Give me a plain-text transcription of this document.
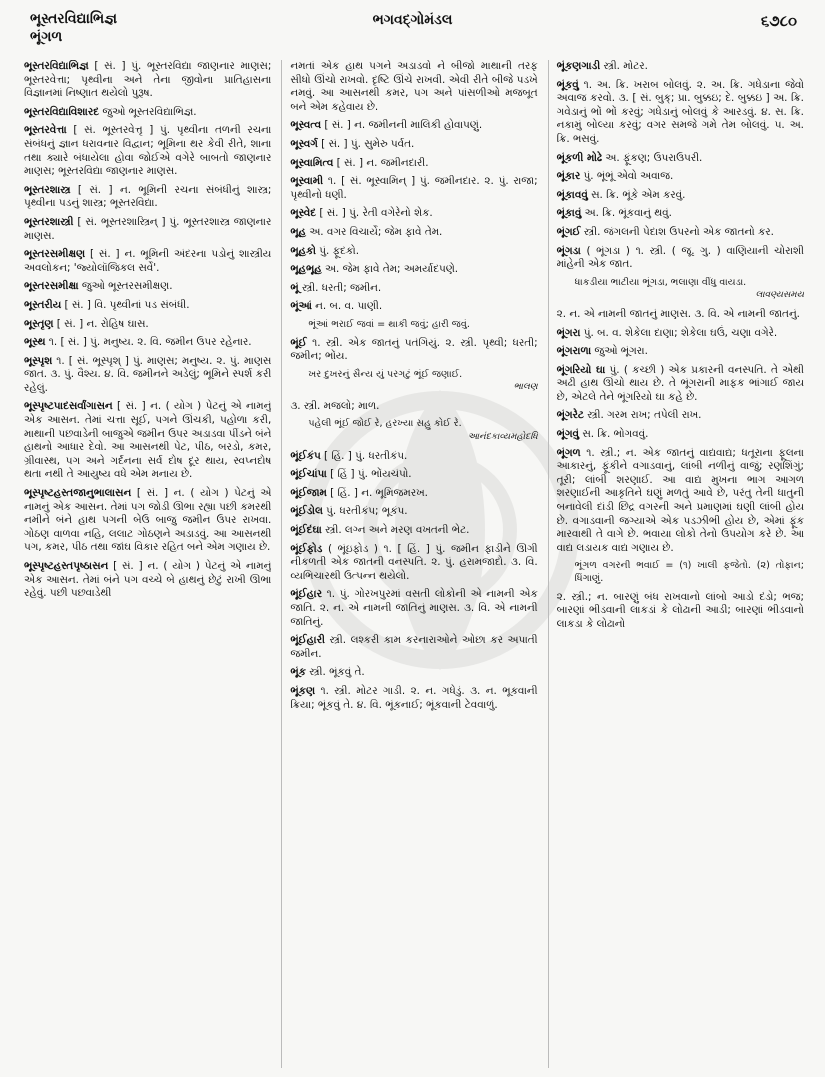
ભૂસ્તરવિદ્યાભિજ્ઞ
ભૂંગળ
ભગવદ્ગોમંડલ	૬૭૮૦

ભૂસ્તરવિદ્યાભિજ્ઞ [ સં. ] પું. ભૂસ્તરવિદ્યા જાણનાર માણસ; ભૂસ્તરવેત્તા; પૃથ્વીના અને તેના જીવોના પ્રાતિહાસના વિજ્ઞાનમાં નિષ્ણાત થયેલો પુરૂષ.

ભૂસ્તરવિદ્યાવિશારદ જુઓ ભૂસ્તરવિદ્યાભિજ્ઞ.

ભૂસ્તરવેત્તા [ સં. ભૂસ્તરવેત્તૃ ] પું. પૃથ્વીના તળની રચના સંબંધનું જ્ઞાન ધરાવનાર વિદ્વાન; ભૂમિના થર કેવી રીતે, શાના તથા ક્યારે બંધાયેલા હોવા જોઈએ વગેરે બાબતો જાણનાર માણસ; ભૂસ્તરવિદ્યા જાણનાર માણસ.

ભૂસ્તરશાસ્ત્ર [ સં. ] ન. ભૂમિની રચના સંબંધીનું શાસ્ત્ર; પૃથ્વીના પડનું શાસ્ત્ર; ભૂસ્તરવિદ્યા.

ભૂસ્તરશાસ્ત્રી [ સં. ભૂસ્તરશાસ્ત્રિન્ ] પું. ભૂસ્તરશાસ્ત્ર જાણનાર માણસ.

ભૂસ્તરસમીક્ષણ [ સં. ] ન. ભૂમિની અંદરના પડોનું શાસ્ત્રીય અવલોકન; 'જ્યોલૉજિકલ સર્વે'.

ભૂસ્તરસમીક્ષા જુઓ ભૂસ્તરસમીક્ષણ.

ભૂસ્તરીય [ સં. ] વિ. પૃથ્વીનાં પડ સંબંધી.

ભૂસ્તૃણ [ સં. ] ન. રોહિષ ઘાસ.

ભૂસ્થ ૧. [ સં. ] પું. મનુષ્ય. ૨. વિ. જમીન ઉપર રહેનાર.

ભૂસ્પૃશ ૧. [ સં. ભૂસ્પૃશ્ ] પું. માણસ; મનુષ્ય. ૨. પું. માણસ જાત. ૩. પું. વૈશ્ય. ૪. વિ. જમીનને અડેલું; ભૂમિને સ્પર્શ કરી રહેલું.

ભૂસ્પૃષ્ટપાદસર્વાંગાસન [ સં. ] ન. ( યોગ ) પેટનું એ નામનું એક આસન. તેમાં ચત્તા સૂઈ, પગને ઊંચકી, પહોળા કરી, માથાની પછવાડેની બાજુએ જમીન ઉપર અડાડવા પીંડને બંને હાથનો આધાર દેવો. આ આસનથી પેટ, પીઠ, બરડો, કમર, ગ્રીવાસ્થ, પગ અને ગર્દનના સર્વ દોષ દૂર થાય, સ્વપ્નદોષ થતા નથી તે આયુષ્ય વધે એમ મનાય છે.

ભૂસ્પૃષ્ટહસ્તજાનુભાલાસન [ સં. ] ન. ( યોગ ) પેટનું એ નામનું એક આસન. તેમાં પગ જોડી ઊભા રહ્યા પછી કમરથી નમીને બંને હાથ પગની બેઉ બાજુ જમીન ઉપર રાખવા. ગોઠણ વાળવા નહિ, લલાટ ગોઠણને અડાડવું. આ આસનથી પગ, કમર, પીઠ તથા જાંઘ વિકાર રહિત બને એમ ગણાય છે.

ભૂસ્પૃષ્ટહસ્તપૃષ્ઠાસન [ સં. ] ન. ( યોગ ) પેટનું એ નામનું એક આસન. તેમાં બંને પગ વચ્ચે બે હાથનું છેટું રાખી ઊભા રહેવું. પછી પછવાડેથી

નમતાં એક હાથ પગને અડાડવો ને બીજો માથાની તરફ સીધો ઊંચો રાખવો. દૃષ્ટિ ઊંચે રાખવી. એવી રીતે બીજે પડખે નમવું. આ આસનથી કમર, પગ અને પાંસળીઓ મજબૂત બને એમ કહેવાય છે.

ભૂસ્વત્વ [ સં. ] ન. જમીનની માલિકી હોવાપણું.

ભૂસ્વર્ગ [ સં. ] પું. સુમેરુ પર્વત.

ભૂસ્વામિત્વ [ સં. ] ન. જમીનદારી.

ભૂસ્વામી ૧. [ સં. ભૂસ્વામિન્ ] પું. જમીનદાર. ૨. પું. રાજા; પૃથ્વીનો ધણી.

ભૂસ્વેદ [ સં. ] પું. રેતી વગેરેનો શેક.

ભૂહ અ. વગર વિચાર્યે; જેમ ફાવે તેમ.

ભૂહકો પું. ફૂદકો.

ભૂહભૂહ અ. જેમ ફાવે તેમ; અમર્યાદપણે.

ભૂં સ્ત્રી. ધરતી; જમીન.

ભૂંઆં ન. બ. વ. પાણી.

ભૂંઆં ભરાઈ જવાં = થાકી જવું; હારી જવું.

ભૂંઈ ૧. સ્ત્રી. એક જાતનું પતંગિયું. ૨. સ્ત્રી. પૃથ્વી; ધરતી; જમીન; ભોંય.

ખર દુખરનું સૈન્ય યું પરગટું ભૂંઈ જણાઈ.
ભાલણ

૩. સ્ત્રી. મજલો; માળ.

પહેલી ભૂંઈ જોઈ રે, હરખ્યા સહુ કોઈ રે.
આનંદકાવ્યમહોદધિ

ભૂંઈકંપ [ હિં. ] પું. ધરતીકંપ.

ભૂંઈચાંપા [ હિં ] પું. ભોંયચંપો.

ભૂંઈજામ [ હિં. ] ન. ભૂમિજમરખ.

ભૂંઈડોલ પું. ધરતીકંપ; ભૂકંપ.

ભૂંઈદંઘા સ્ત્રી. લગ્ન અને મરણ વખતની ભેટ.

ભૂંઈફોડ ( ભૂંઇફોડ ) ૧. [ હિં. ] પું. જમીન ફાડીને ઊગી નીકળતી એક જાતની વનસ્પતિ. ૨. પું. હરામજાદો. ૩. વિ. વ્યભિચારથી ઉત્પન્ન થયેલો.

ભૂંઈહાર ૧. પું. ગોરખપુરમાં વસતી લોકોની એ નામની એક જાતિ. ૨. ન. એ નામની જાતિનું માણસ. ૩. વિ. એ નામની જાતિનું.

ભૂંઈહારી સ્ત્રી. લશ્કરી કામ કરનારાઓને ઓછા કર અપાતી જમીન.

ભૂંક સ્ત્રી. ભૂંકવું તે.

ભૂંકણ ૧. સ્ત્રી. મોટર ગાડી. ૨. ન. ગધેડું. ૩. ન. ભૂકવાની ક્રિયા; ભૂંકવું તે. ૪. વિ. ભૂંકનાઈ; ભૂંકવાની ટેવવાળું.

ભૂંકણગાડી સ્ત્રી. મોટર.

ભૂંકવું ૧. અ. ક્રિ. ખરાબ બોલવું. ૨. અ. ક્રિ. ગધેડાના જેવો અવાજ કરવો. ૩. [ સં. બુક્; પ્રા. બુક્કઇ; દે. બુક્કઇ ] અ. ક્રિ. ગવેડાનું ભોં ભોં કરવું; ગધેડાનું બોલવું કે આરડવું. ૪. સ. ક્રિ. નકામું બોલ્યા કરવું; વગર સમજે ગમે તેમ બોલવું. ૫. અ. ક્રિ. ભસવું.

ભૂંકળી મોઢે અ. ફૂંકણ; ઉપરાઉપરી.

ભૂંકાર પું. ભૂંભૂં એવો અવાજ.

ભૂંકાવવું સ. ક્રિ. ભૂંકે એમ કરવું.

ભૂંકાવું અ. ક્રિ. ભૂંકવાનું થવું.

ભૂંગઈ સ્ત્રી. જંગલની પેદાશ ઉપરનો એક જાતનો કર.

ભૂંગડા ( ભૂંગડા ) ૧. સ્ત્રી. ( જૂ. ગુ. ) વાણિયાની ચોરાશી માંહેની એક જાત.

ધાકડીયા ભાટીયા ભૂંગડા, ભલાણા વીંધુ વાયડા.
લાવણ્યસમય

૨. ન. એ નામની જાતનું માણસ. ૩. વિ. એ નામની જાતનું.

ભૂંગરા પું. બ. વ. શેકેલા દાણા; શેકેલા ઘઉં, ચણા વગેરે.

ભૂંગરાળા જુઓ ભૂંગરા.

ભૂંગરિયો ઘા પું. ( કચ્છી ) એક પ્રકારની વનસ્પતિ. તે એથી અઢી હાથ ઊંચો થાય છે. તે ભૂંગરાની માફક ભાંગાઈ જાય છે, એટલે તેને ભૂંગરિયો ઘા કહે છે.

ભૂંગરેટ સ્ત્રી. ગરમ રાખ; તપેલી રાખ.

ભૂંગવું સ. ક્રિ. ભોગવવું.

ભૂંગળ ૧. સ્ત્રી.; ન. એક જાતનું વાદ્યવાદ્ય; ધતૂરાના ફૂલના આકારનું, ફૂંકીને વગાડવાનું, લાંબી નળીનું વાજું; રણશિંગું; તૂરી; લાંબી શરણાઈ. આ વાદ્ય મુખના ભાગ આગળ શરણાઈની આકૃતિને ઘણું મળતું આવે છે, પરંતુ તેની ધાતુની બનાવેલી દાંડી છિદ્ર વગરની અને પ્રમાણમાં ઘણી લાંબી હોય છે. વગાડવાની જગ્યાએ એક પડઝીભી હોય છે, એમાં ફૂંક મારવાથી તે વાગે છે. ભવાયા લોકો તેનો ઉપયોગ કરે છે. આ વાદ્ય લડાયક વાદ્ય ગણાય છે.

ભૂંગળ વગરની ભવાઈ = (૧) ખાલી ફજેતો. (૨) તોફાન; ધિંગાણું.

૨. સ્ત્રી.; ન. બારણું બંધ રાખવાનો લાંબો આડો દંડો; ભજ; બારણાં ભીડવાની લાકડાં કે લોઢાની આડી; બારણાં ભીડવાનો લાકડા કે લોઢાનો
